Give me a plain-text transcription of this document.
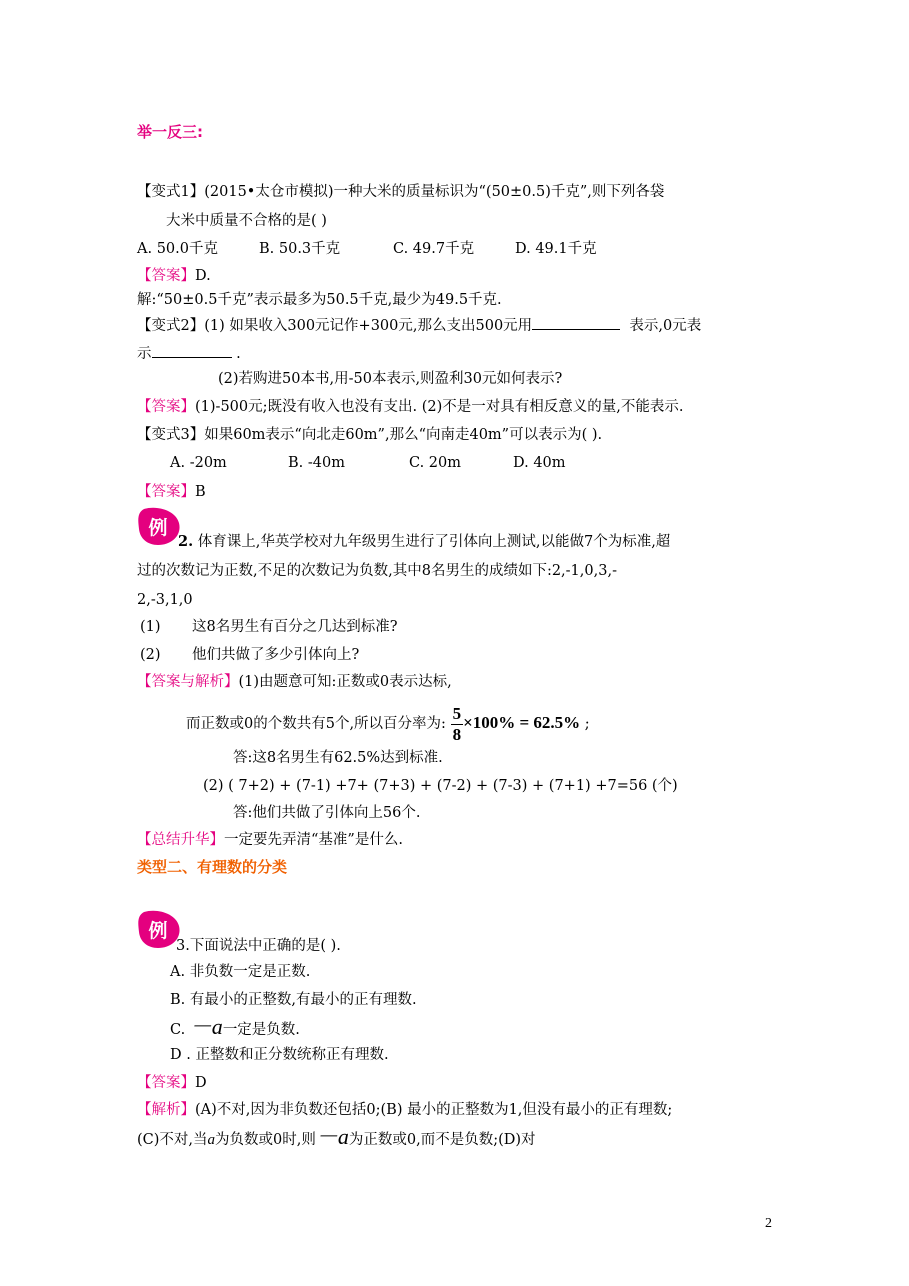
举一反三:
【变式1】(2015•太仓市模拟)一种大米的质量标识为“(50±0.5)千克”,则下列各袋
大米中质量不合格的是( )
A. 50.0千克	B. 50.3千克	C. 49.7千克	D. 49.1千克
【答案】D.
解:“50±0.5千克”表示最多为50.5千克,最少为49.5千克.
【变式2】(1) 如果收入300元记作+300元,那么支出500元用	表示,0元表
示	.
(2)若购进50本书,用-50本表示,则盈利30元如何表示?
【答案】(1)-500元;既没有收入也没有支出. (2)不是一对具有相反意义的量,不能表示.
【变式3】如果60m表示“向北走60m”,那么“向南走40m”可以表示为( ).
A. -20m	B. -40m	C. 20m	D. 40m
【答案】B
例
2. 体育课上,华英学校对九年级男生进行了引体向上测试,以能做7个为标准,超
过的次数记为正数,不足的次数记为负数,其中8名男生的成绩如下:2,-1,0,3,-
2,-3,1,0
(1) 这8名男生有百分之几达到标准?
(2) 他们共做了多少引体向上?
【答案与解析】(1)由题意可知:正数或0表示达标,
而正数或0的个数共有5个,所以百分率为: $\frac{5}{8} \times 100\% = 62.5\%$ ;
答:这8名男生有62.5%达到标准.
(2) ( 7+2) + (7-1) +7+ (7+3) + (7-2) + (7-3) + (7+1) +7=56 (个)
答:他们共做了引体向上56个.
【总结升华】一定要先弄清“基准”是什么.
类型二、有理数的分类
例
3.下面说法中正确的是( ).
A. 非负数一定是正数.
B. 有最小的正整数,有最小的正有理数.
C. －a一定是负数.
D . 正整数和正分数统称正有理数.
【答案】D
【解析】(A)不对,因为非负数还包括0;(B) 最小的正整数为1,但没有最小的正有理数;
(C)不对,当a为负数或0时,则－a为正数或0,而不是负数;(D)对
2
